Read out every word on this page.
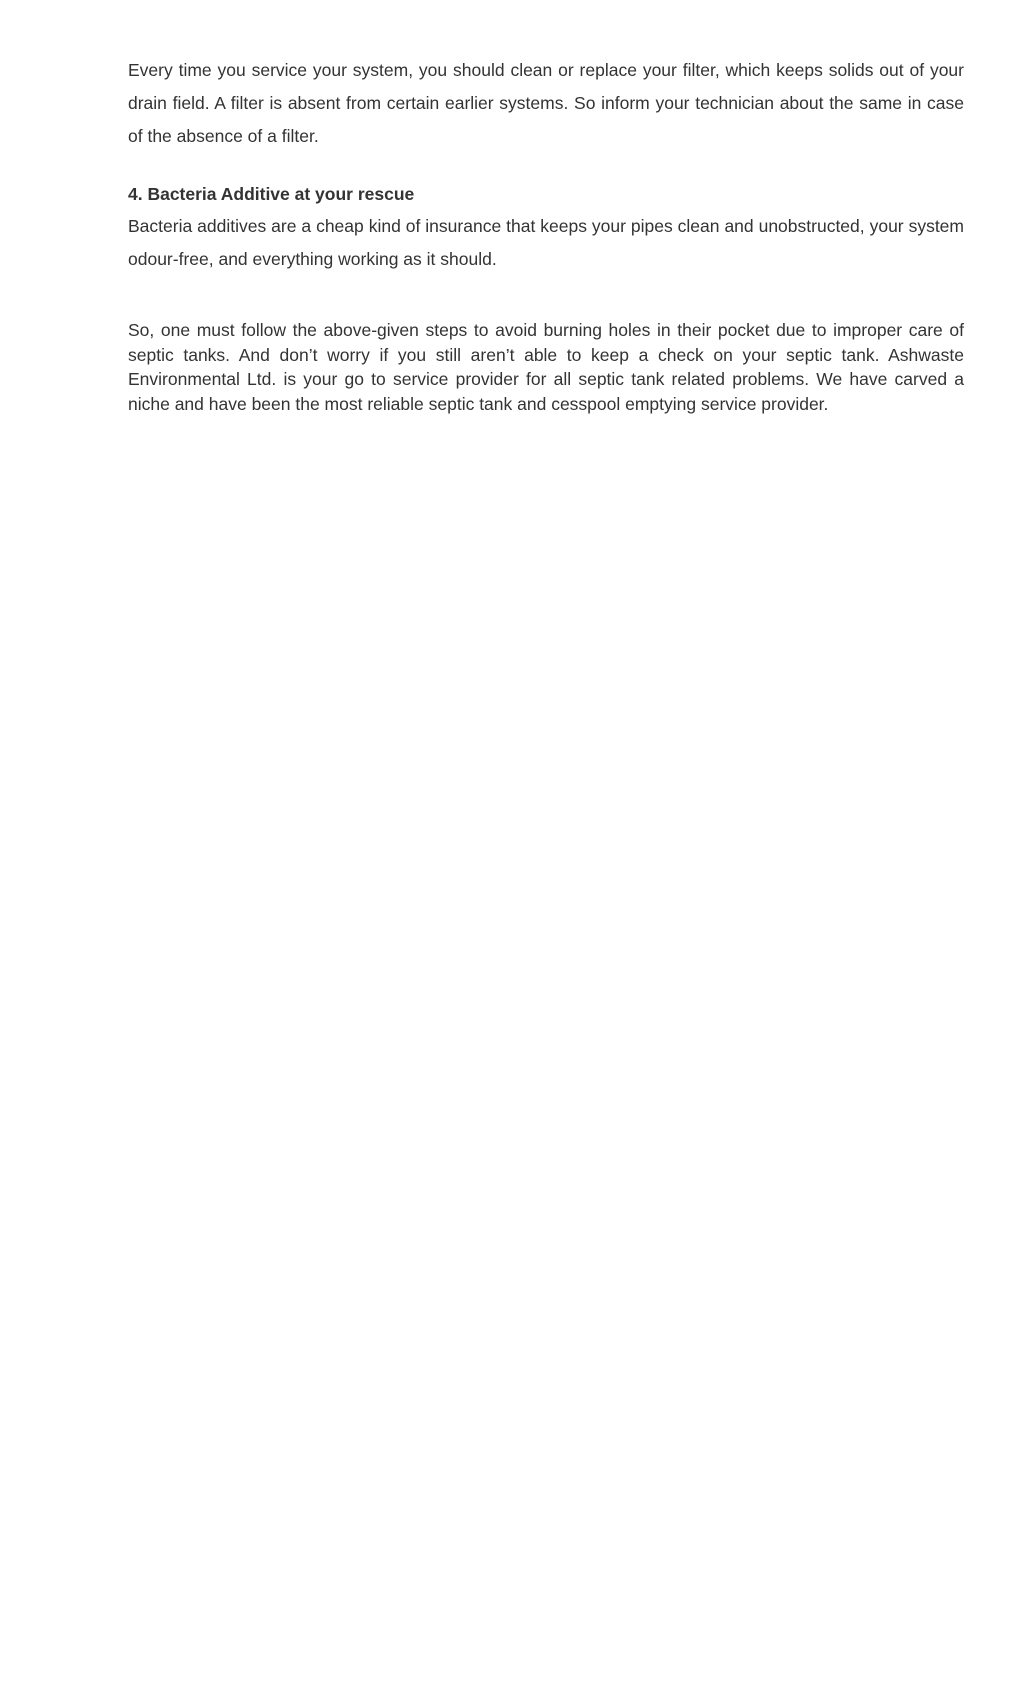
Every time you service your system, you should clean or replace your filter, which keeps solids out of your drain field. A filter is absent from certain earlier systems. So inform your technician about the same in case of the absence of a filter.

4. Bacteria Additive at your rescue

Bacteria additives are a cheap kind of insurance that keeps your pipes clean and unobstructed, your system odour-free, and everything working as it should.

So, one must follow the above-given steps to avoid burning holes in their pocket due to improper care of septic tanks. And don’t worry if you still aren’t able to keep a check on your septic tank. Ashwaste Environmental Ltd. is your go to service provider for all septic tank related problems. We have carved a niche and have been the most reliable septic tank and cesspool emptying service provider.
